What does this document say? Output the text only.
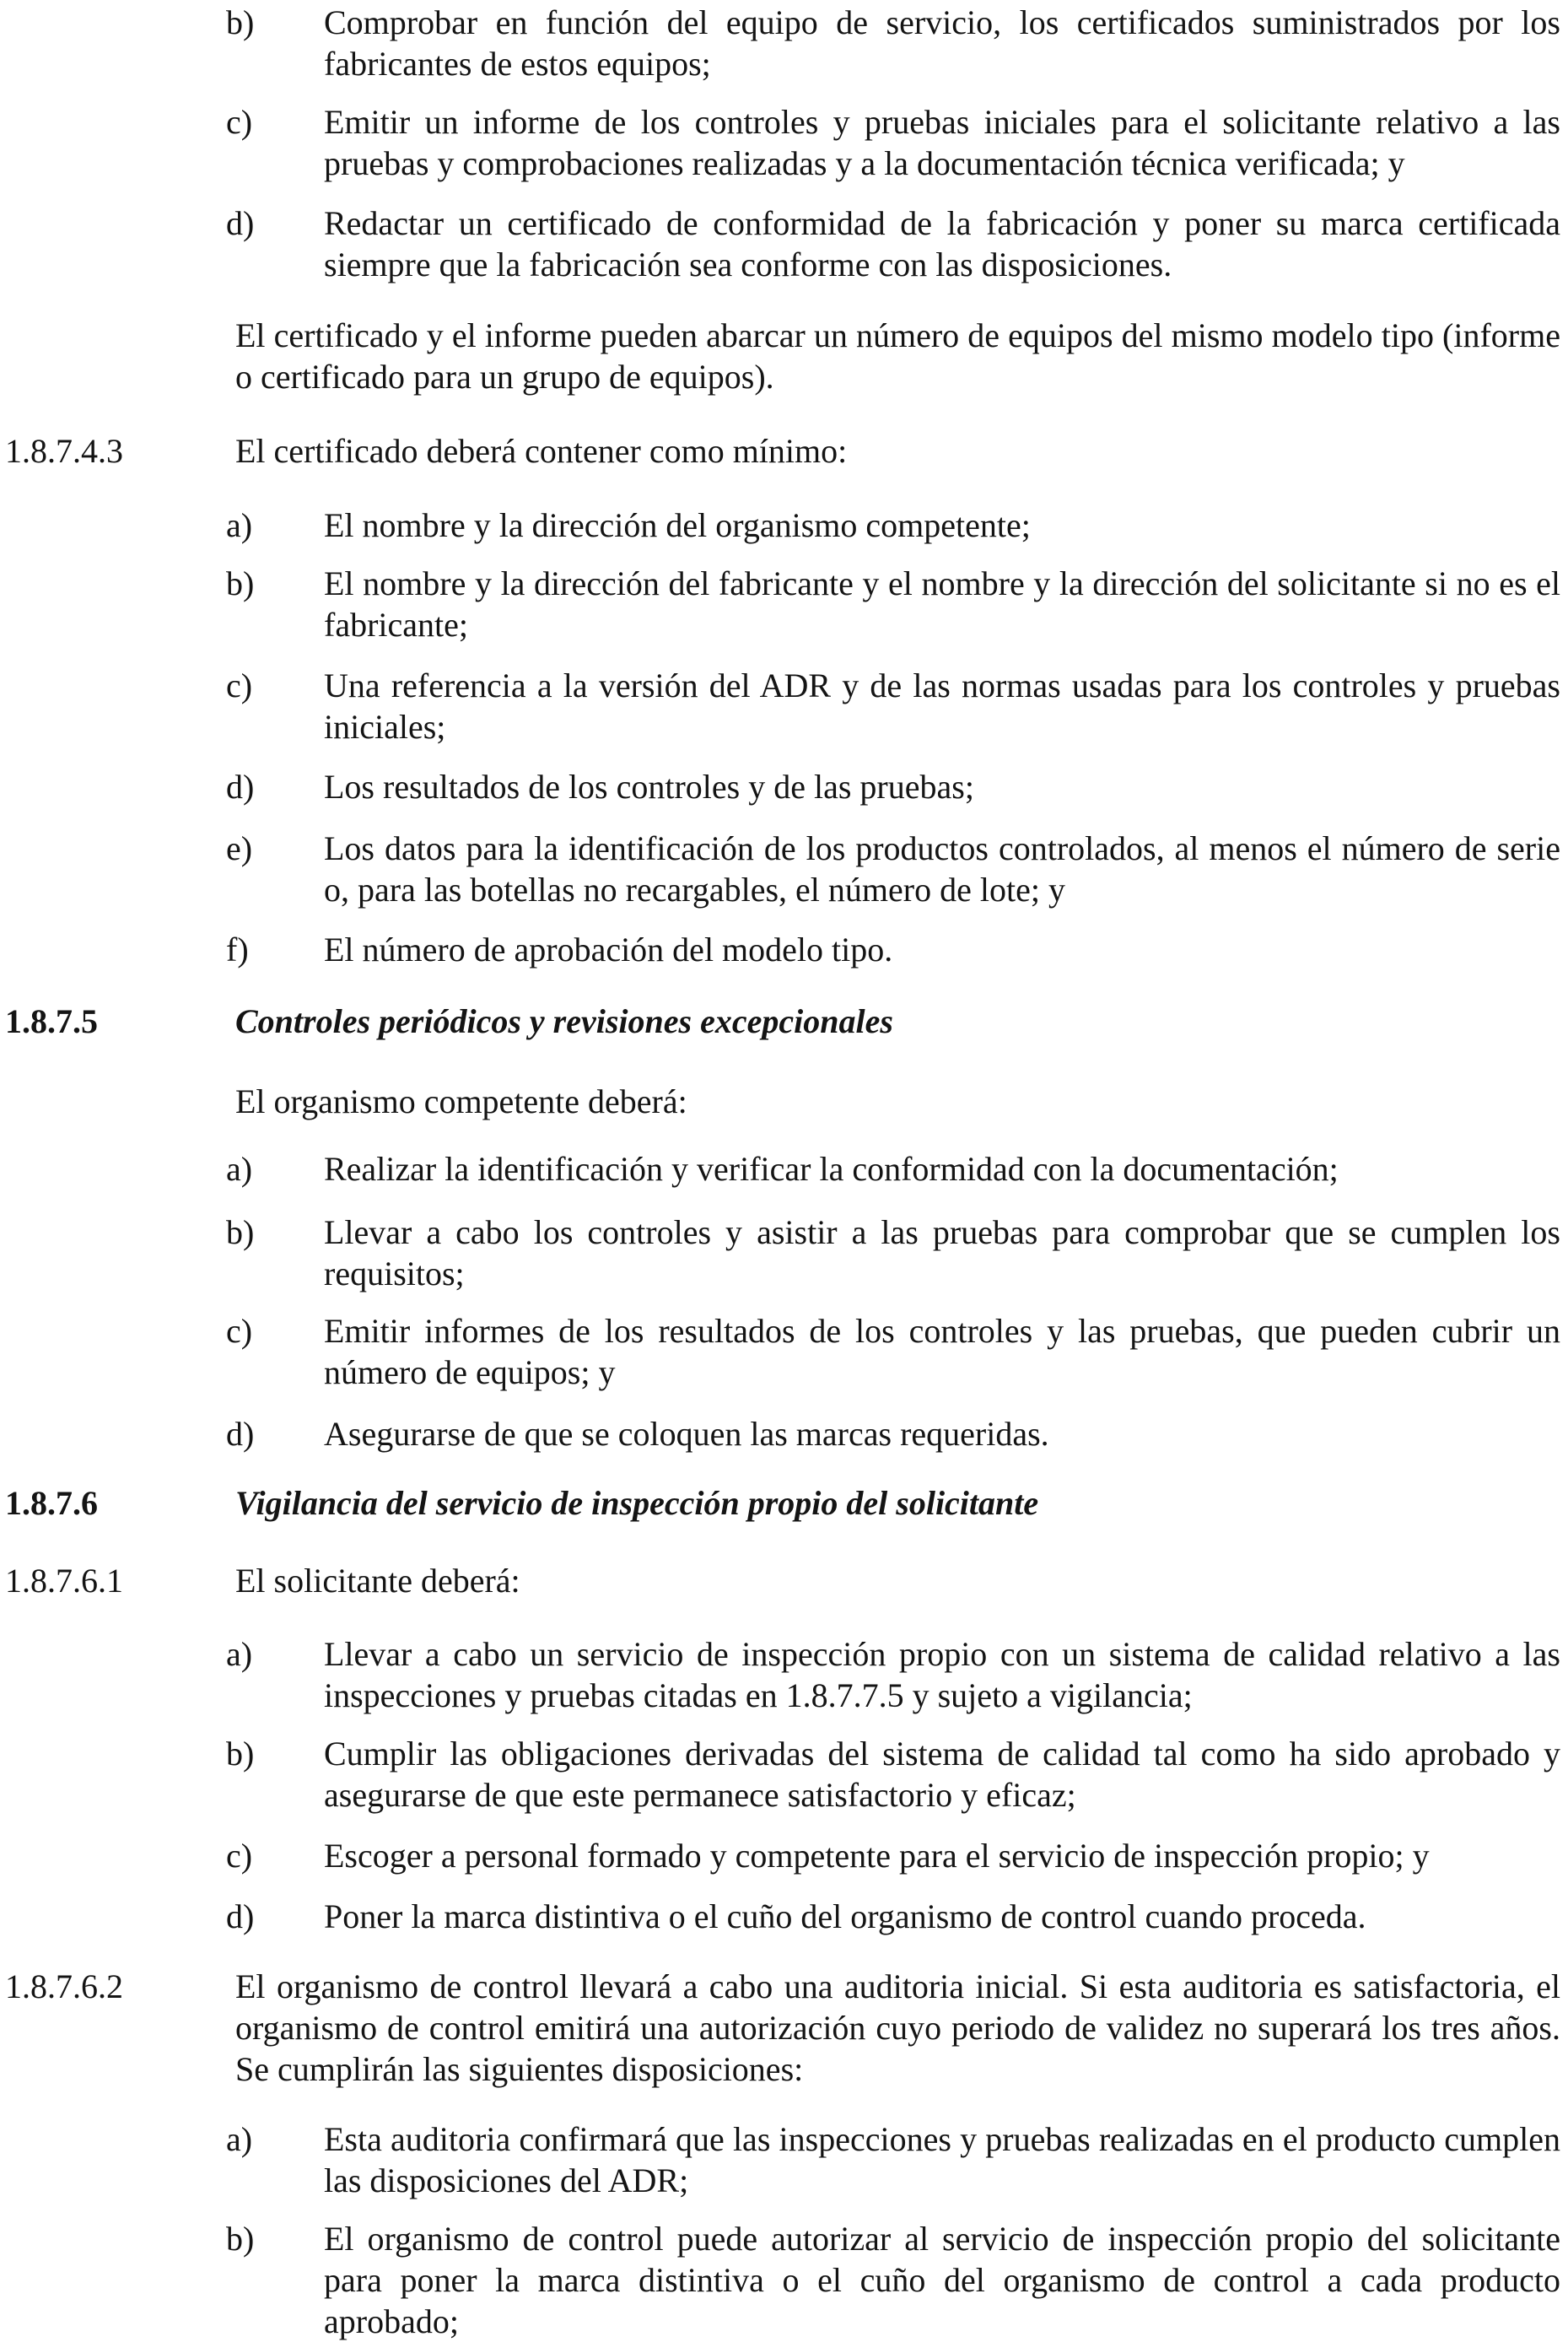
b) Comprobar en función del equipo de servicio, los certificados suministrados por los fabricantes de estos equipos;
c) Emitir un informe de los controles y pruebas iniciales para el solicitante relativo a las pruebas y comprobaciones realizadas y a la documentación técnica verificada; y
d) Redactar un certificado de conformidad de la fabricación y poner su marca certificada siempre que la fabricación sea conforme con las disposiciones.
El certificado y el informe pueden abarcar un número de equipos del mismo modelo tipo (informe o certificado para un grupo de equipos).
1.8.7.4.3	El certificado deberá contener como mínimo:
a) El nombre y la dirección del organismo competente;
b) El nombre y la dirección del fabricante y el nombre y la dirección del solicitante si no es el fabricante;
c) Una referencia a la versión del ADR y de las normas usadas para los controles y pruebas iniciales;
d) Los resultados de los controles y de las pruebas;
e) Los datos para la identificación de los productos controlados, al menos el número de serie o, para las botellas no recargables, el número de lote; y
f) El número de aprobación del modelo tipo.
1.8.7.5	Controles periódicos y revisiones excepcionales
El organismo competente deberá:
a) Realizar la identificación y verificar la conformidad con la documentación;
b) Llevar a cabo los controles y asistir a las pruebas para comprobar que se cumplen los requisitos;
c) Emitir informes de los resultados de los controles y las pruebas, que pueden cubrir un número de equipos; y
d) Asegurarse de que se coloquen las marcas requeridas.
1.8.7.6	Vigilancia del servicio de inspección propio del solicitante
1.8.7.6.1	El solicitante deberá:
a) Llevar a cabo un servicio de inspección propio con un sistema de calidad relativo a las inspecciones y pruebas citadas en 1.8.7.7.5 y sujeto a vigilancia;
b) Cumplir las obligaciones derivadas del sistema de calidad tal como ha sido aprobado y asegurarse de que este permanece satisfactorio y eficaz;
c) Escoger a personal formado y competente para el servicio de inspección propio; y
d) Poner la marca distintiva o el cuño del organismo de control cuando proceda.
1.8.7.6.2	El organismo de control llevará a cabo una auditoria inicial. Si esta auditoria es satisfactoria, el organismo de control emitirá una autorización cuyo periodo de validez no superará los tres años. Se cumplirán las siguientes disposiciones:
a) Esta auditoria confirmará que las inspecciones y pruebas realizadas en el producto cumplen las disposiciones del ADR;
b) El organismo de control puede autorizar al servicio de inspección propio del solicitante para poner la marca distintiva o el cuño del organismo de control a cada producto aprobado;
